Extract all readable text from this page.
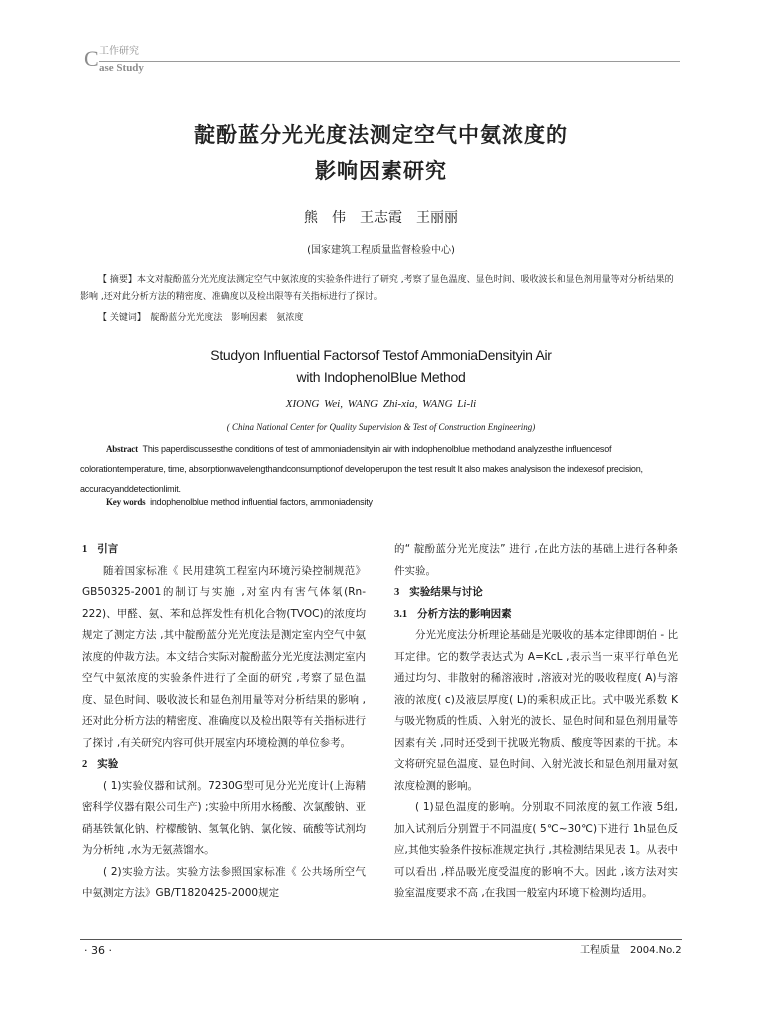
C 工作研究
ase Study
靛酚蓝分光光度法测定空气中氨浓度的
影响因素研究
熊　伟　王志霞　王丽丽
(国家建筑工程质量监督检验中心)
【 摘要】本文对靛酚蓝分光光度法测定空气中氨浓度的实验条件进行了研究 ,考察了显色温度、显色时间、吸收波长和显色剂用量等对分析结果的影响 ,还对此分析方法的精密度、准确度以及检出限等有关指标进行了探讨。
【 关键词】　 靛酚蓝分光光度法　影响因素　氨浓度
Studyon Influential Factorsof Testof AmmoniaDensityin Air
with IndophenolBlue Method
XIONG Wei, WANG Zhi-xia, WANG Li-li
( China National Center for Quality Supervision & Test of Construction Engineering)
Abstract This paperdiscussesthe conditions of test of ammoniadensityin air with indophenolblue methodand analyzesthe influencesof colorationtemperature, time, absorptionwavelengthandconsumptionof developerupon the test result It also makes analysison the indexesof precision, accuracyanddetectionlimit.
Key words indophenolblue method influential factors, ammoniadensity

1 引言

随着国家标准《 民用建筑工程室内环境污染控制规范》GB50325-2001的制订与实施 ,对室内有害气体氡(Rn-222)、甲醛、氨、苯和总挥发性有机化合物(TVOC)的浓度均规定了测定方法 ,其中靛酚蓝分光光度法是测定室内空气中氨浓度的仲裁方法。本文结合实际对靛酚蓝分光光度法测定室内空气中氨浓度的实验条件进行了全面的研究 ,考察了显色温度、显色时间、吸收波长和显色剂用量等对分析结果的影响 ,还对此分析方法的精密度、准确度以及检出限等有关指标进行了探讨 ,有关研究内容可供开展室内环境检测的单位参考。

2 实验

( 1)实验仪器和试剂。7230G型可见分光光度计(上海精密科学仪器有限公司生产) ;实验中所用水杨酸、次氯酸钠、亚硝基铁氰化钠、柠檬酸钠、氢氧化钠、氯化铵、硫酸等试剂均为分析纯 ,水为无氨蒸馏水。

( 2)实验方法。实验方法参照国家标准《 公共场所空气中氨测定方法》GB/T1820425-2000规定

的“ 靛酚蓝分光光度法” 进行 ,在此方法的基础上进行各种条件实验。

3 实验结果与讨论

3.1 分析方法的影响因素

分光光度法分析理论基础是光吸收的基本定律即朗伯 - 比耳定律。它的数学表达式为 A=KcL ,表示当一束平行单色光通过均匀、非散射的稀溶液时 ,溶液对光的吸收程度( A)与溶液的浓度( c)及液层厚度( L)的乘积成正比。式中吸光系数 K 与吸光物质的性质、入射光的波长、显色时间和显色剂用量等因素有关 ,同时还受到干扰吸光物质、酸度等因素的干扰。本文将研究显色温度、显色时间、入射光波长和显色剂用量对氨浓度检测的影响。

( 1)显色温度的影响。分别取不同浓度的氨工作液 5组, 加入试剂后分别置于不同温度( 5℃~30℃)下进行 1h显色反应,其他实验条件按标准规定执行 ,其检测结果见表 1。从表中可以看出 ,样品吸光度受温度的影响不大。因此 ,该方法对实验室温度要求不高 ,在我国一般室内环境下检测均适用。

· 36 ·	工程质量　2004.No.2
